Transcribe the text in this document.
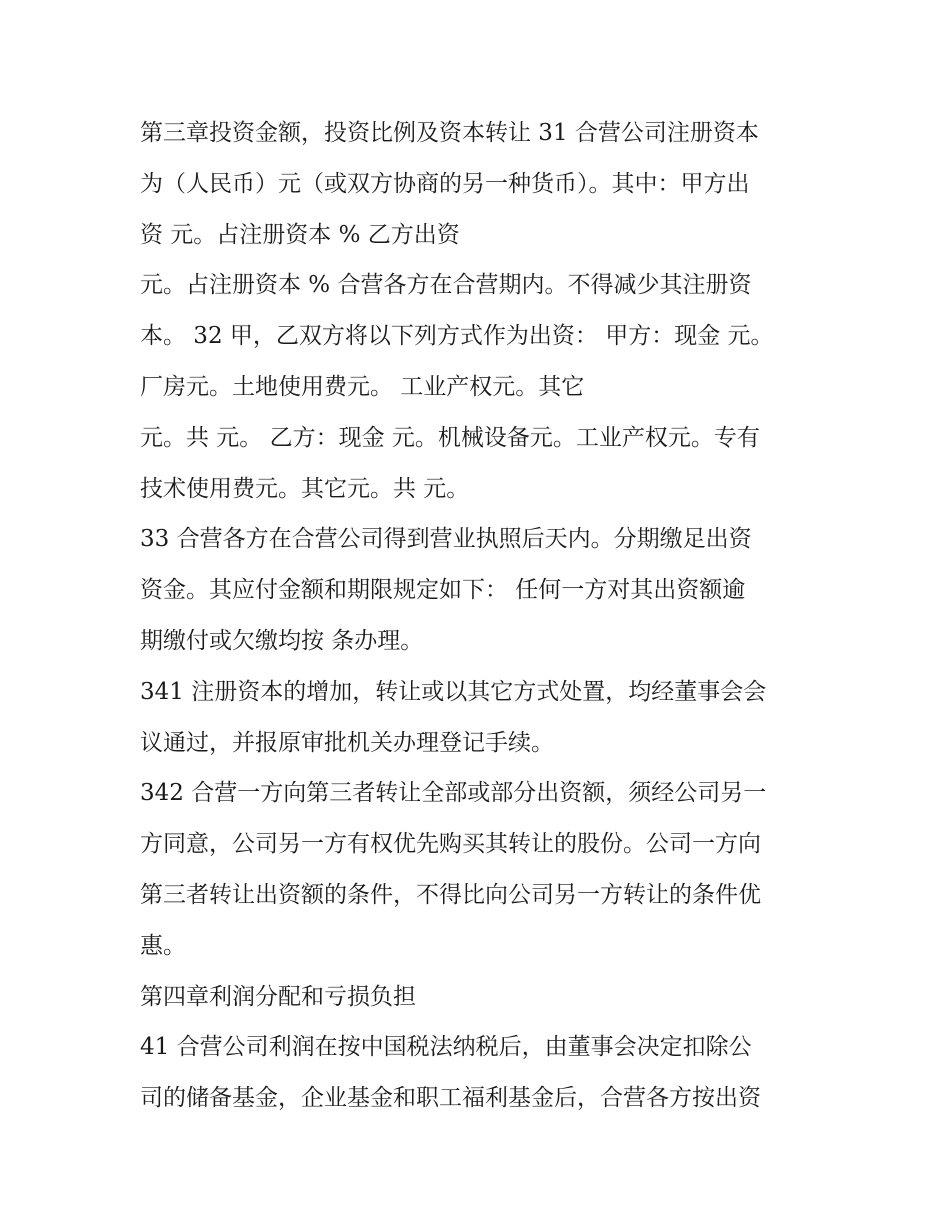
第三章投资金额，投资比例及资本转让 31 合营公司注册资本
为（人民币）元（或双方协商的另一种货币）。其中：甲方出
资 元。占注册资本 % 乙方出资
元。占注册资本 % 合营各方在合营期内。不得减少其注册资
本。 32 甲，乙双方将以下列方式作为出资： 甲方：现金 元。
厂房元。土地使用费元。 工业产权元。其它
元。共 元。 乙方：现金 元。机械设备元。工业产权元。专有
技术使用费元。其它元。共 元。
33 合营各方在合营公司得到营业执照后天内。分期缴足出资
资金。其应付金额和期限规定如下： 任何一方对其出资额逾
期缴付或欠缴均按 条办理。
341 注册资本的增加，转让或以其它方式处置，均经董事会会
议通过，并报原审批机关办理登记手续。
342 合营一方向第三者转让全部或部分出资额，须经公司另一
方同意，公司另一方有权优先购买其转让的股份。公司一方向
第三者转让出资额的条件，不得比向公司另一方转让的条件优
惠。
第四章利润分配和亏损负担
41 合营公司利润在按中国税法纳税后，由董事会决定扣除公
司的储备基金，企业基金和职工福利基金后，合营各方按出资
